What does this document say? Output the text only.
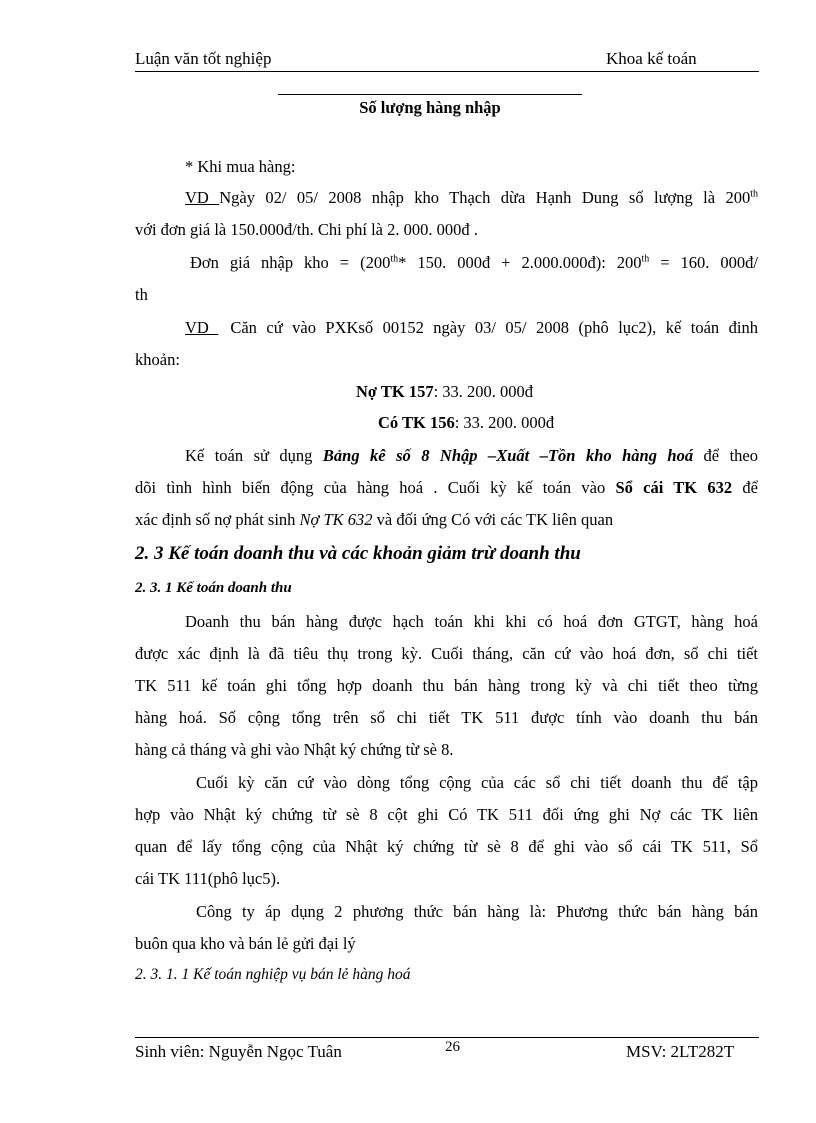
Luận văn tốt nghiệp	Khoa kế toán
Số lượng hàng nhập
* Khi mua hàng:
VD Ngày 02/ 05/ 2008 nhập kho Thạch dừa Hạnh Dung số lượng là 200th
với đơn giá là 150.000đ/th. Chi phí là 2. 000. 000đ .
Đơn giá nhập kho = (200th* 150. 000đ + 2.000.000đ): 200th = 160. 000đ/
th
VD Căn cứ vào PXKsố 00152 ngày 03/ 05/ 2008 (phô lục2), kế toán đinh
khoản:
Nợ TK 157: 33. 200. 000đ
Có TK 156: 33. 200. 000đ
Kế toán sử dụng Bảng kê số 8 Nhập –Xuất –Tồn kho hàng hoá để theo
dõi tình hình biến động của hàng hoá . Cuối kỳ kế toán vào Sổ cái TK 632 để
xác định số nợ phát sinh Nợ TK 632 và đối ứng Có với các TK liên quan
2. 3 Kế toán doanh thu và các khoản giảm trừ doanh thu
2. 3. 1 Kế toán doanh thu
Doanh thu bán hàng được hạch toán khi khi có hoá đơn GTGT, hàng hoá
được xác định là đã tiêu thụ trong kỳ. Cuối tháng, căn cứ vào hoá đơn, sổ chi tiết
TK 511 kế toán ghi tổng hợp doanh thu bán hàng trong kỳ và chi tiết theo từng
hàng hoá. Số cộng tổng trên sổ chi tiết TK 511 được tính vào doanh thu bán
hàng cả tháng và ghi vào Nhật ký chứng từ sè 8.
Cuối kỳ căn cứ vào dòng tổng cộng của các sổ chi tiết doanh thu để tập
hợp vào Nhật ký chứng từ sè 8 cột ghi Có TK 511 đối ứng ghi Nợ các TK liên
quan để lấy tổng cộng của Nhật ký chứng từ sè 8 để ghi vào sổ cái TK 511, Sổ
cái TK 111(phô lục5).
Công ty áp dụng 2 phương thức bán hàng là: Phương thức bán hàng bán
buôn qua kho và bán lẻ gửi đại lý
2. 3. 1. 1 Kế toán nghiệp vụ bán lẻ hàng hoá
Sinh viên: Nguyễn Ngọc Tuân	26	MSV: 2LT282T
